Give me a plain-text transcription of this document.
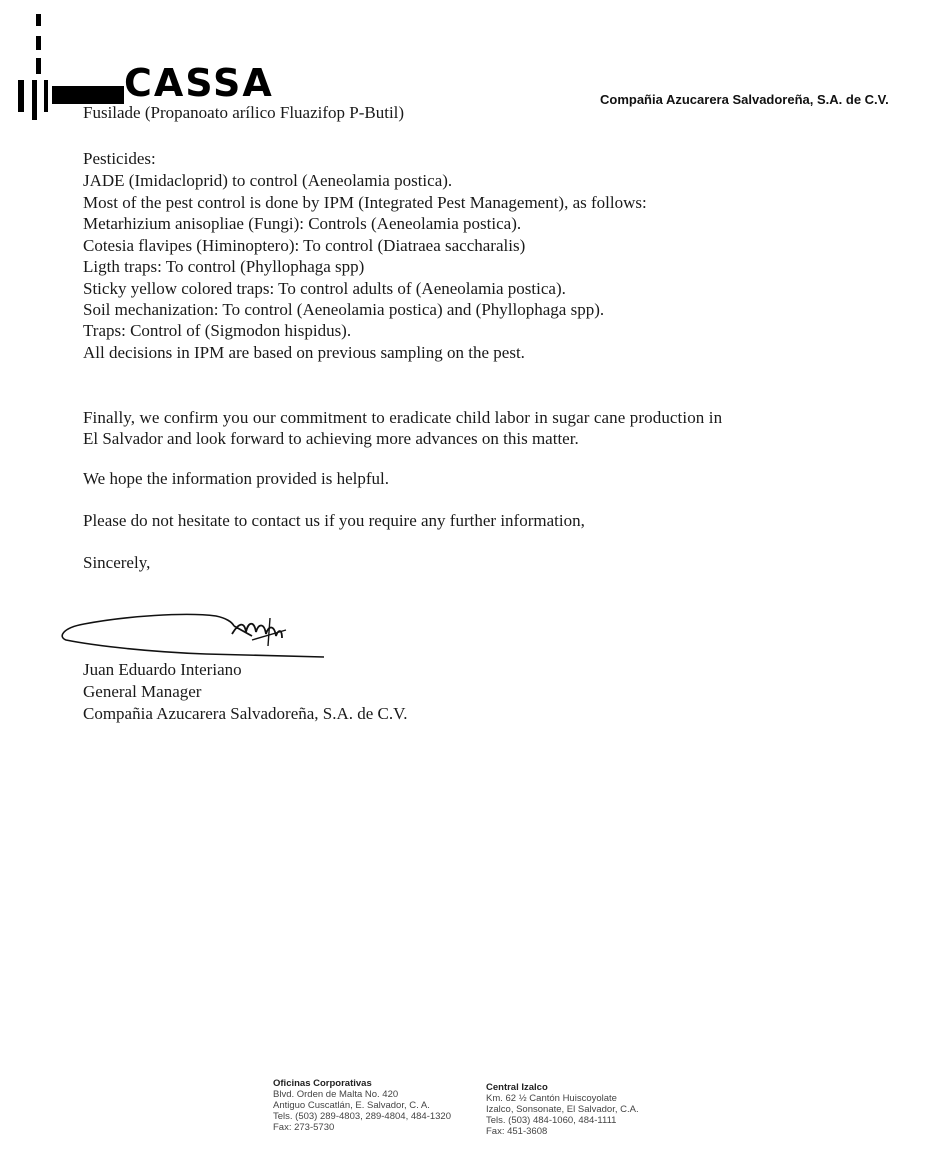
CASSA	Compañia Azucarera Salvadoreña, S.A. de C.V.
Fusilade (Propanoato arílico Fluazifop P-Butil)
Pesticides:
JADE (Imidacloprid) to control (Aeneolamia postica).
Most of the pest control is done by IPM (Integrated Pest Management), as follows:
Metarhizium anisopliae (Fungi): Controls (Aeneolamia postica).
Cotesia flavipes (Himinoptero): To control (Diatraea saccharalis)
Ligth traps: To control (Phyllophaga spp)
Sticky yellow colored traps: To control adults of (Aeneolamia postica).
Soil mechanization: To control (Aeneolamia postica) and (Phyllophaga spp).
Traps: Control of (Sigmodon hispidus).
All decisions in IPM are based on previous sampling on the pest.
Finally, we confirm you our commitment to eradicate child labor in sugar cane production in
El Salvador and look forward to achieving more advances on this matter.
We hope the information provided is helpful.
Please do not hesitate to contact us if you require any further information,
Sincerely,
Juan Eduardo Interiano
General Manager
Compañia Azucarera Salvadoreña, S.A. de C.V.
Oficinas Corporativas
Blvd. Orden de Malta No. 420
Antiguo Cuscatlán, E. Salvador, C. A.
Tels. (503) 289-4803, 289-4804, 484-1320
Fax: 273-5730
Central Izalco
Km. 62 ½ Cantón Huiscoyolate
Izalco, Sonsonate, El Salvador, C.A.
Tels. (503) 484-1060, 484-1111
Fax: 451-3608
